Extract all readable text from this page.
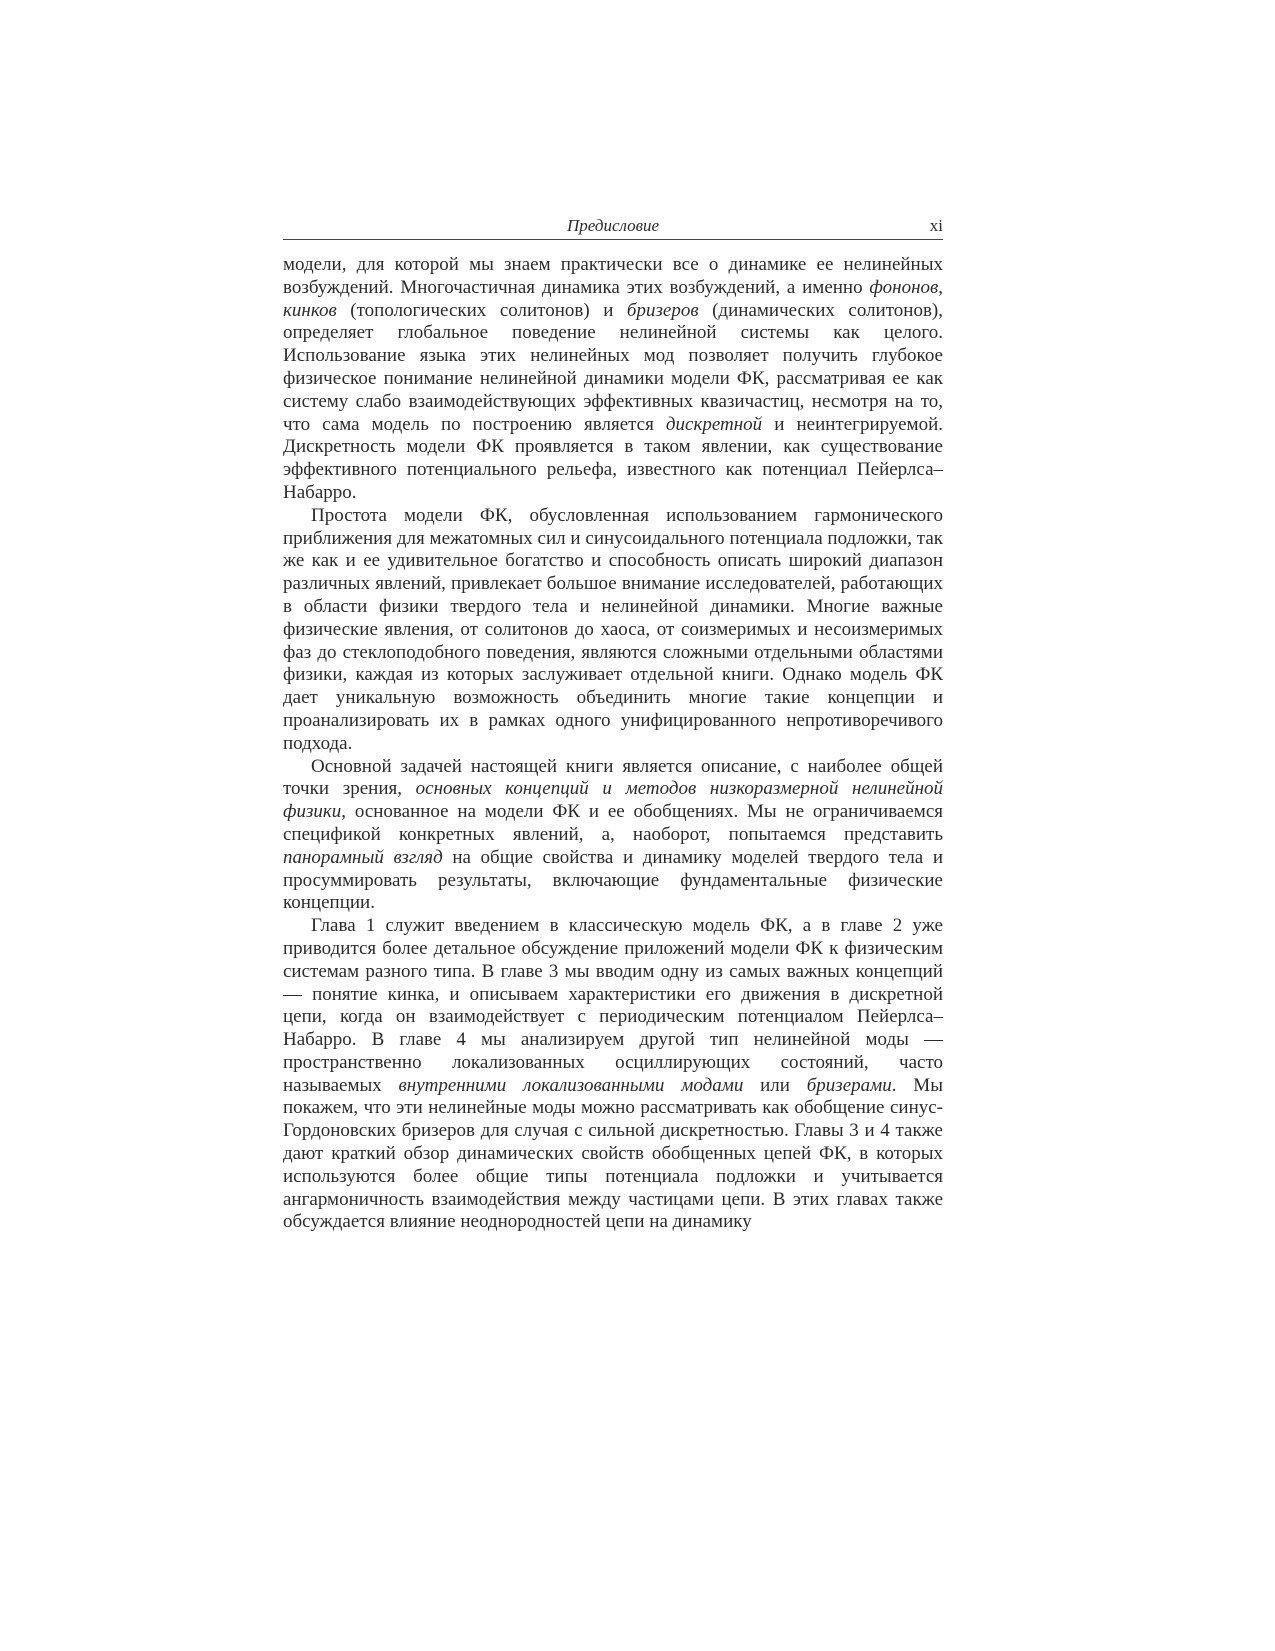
Предисловие	xi

модели, для которой мы знаем практически все о динамике ее нелинейных возбуждений. Многочастичная динамика этих возбуждений, а именно фононов, кинков (топологических солитонов) и бризеров (динамических солитонов), определяет глобальное поведение нелинейной системы как целого. Использование языка этих нелинейных мод позволяет получить глубокое физическое понимание нелинейной динамики модели ФК, рассматривая ее как систему слабо взаимодействующих эффективных квазичастиц, несмотря на то, что сама модель по построению является дискретной и неинтегрируемой. Дискретность модели ФК проявляется в таком явлении, как существование эффективного потенциального рельефа, известного как потенциал Пейерлса–Набарро.

Простота модели ФК, обусловленная использованием гармонического приближения для межатомных сил и синусоидального потенциала подложки, так же как и ее удивительное богатство и способность описать широкий диапазон различных явлений, привлекает большое внимание исследователей, работающих в области физики твердого тела и нелинейной динамики. Многие важные физические явления, от солитонов до хаоса, от соизмеримых и несоизмеримых фаз до стеклоподобного поведения, являются сложными отдельными областями физики, каждая из которых заслуживает отдельной книги. Однако модель ФК дает уникальную возможность объединить многие такие концепции и проанализировать их в рамках одного унифицированного непротиворечивого подхода.

Основной задачей настоящей книги является описание, с наиболее общей точки зрения, основных концепций и методов низкоразмерной нелинейной физики, основанное на модели ФК и ее обобщениях. Мы не ограничиваемся спецификой конкретных явлений, а, наоборот, попытаемся представить панорамный взгляд на общие свойства и динамику моделей твердого тела и просуммировать результаты, включающие фундаментальные физические концепции.

Глава 1 служит введением в классическую модель ФК, а в главе 2 уже приводится более детальное обсуждение приложений модели ФК к физическим системам разного типа. В главе 3 мы вводим одну из самых важных концепций — понятие кинка, и описываем характеристики его движения в дискретной цепи, когда он взаимодействует с периодическим потенциалом Пейерлса–Набарро. В главе 4 мы анализируем другой тип нелинейной моды — пространственно локализованных осциллирующих состояний, часто называемых внутренними локализованными модами или бризерами. Мы покажем, что эти нелинейные моды можно рассматривать как обобщение синус-Гордоновских бризеров для случая с сильной дискретностью. Главы 3 и 4 также дают краткий обзор динамических свойств обобщенных цепей ФК, в которых используются более общие типы потенциала подложки и учитывается ангармоничность взаимодействия между частицами цепи. В этих главах также обсуждается влияние неоднородностей цепи на динамику
